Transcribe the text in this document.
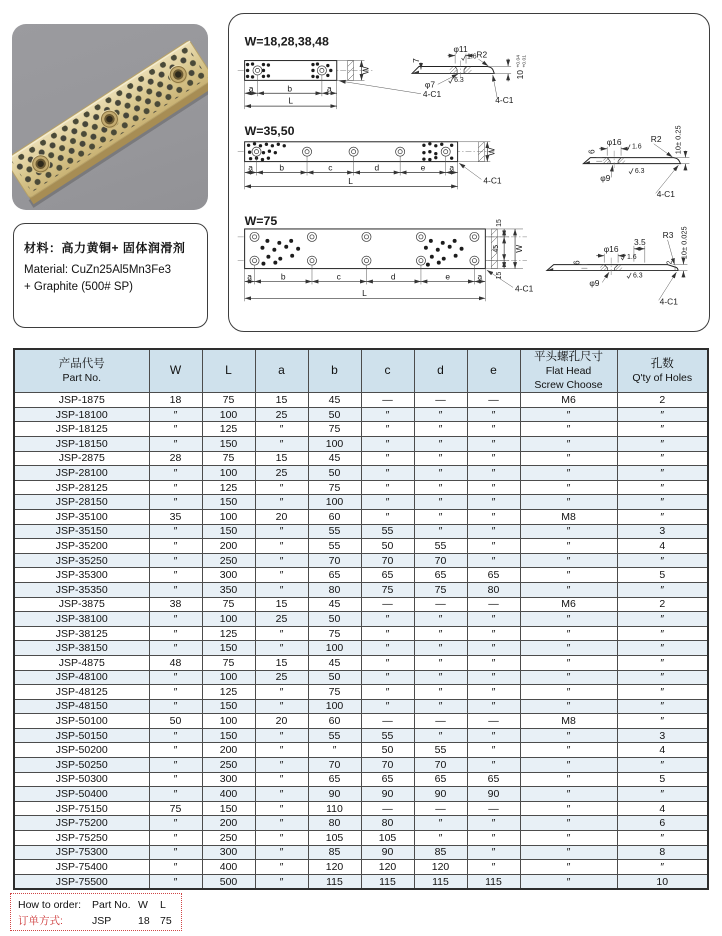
材料：高力黄铜+ 固体润滑剂
Material: CuZn25Al5Mn3Fe3
+ Graphite (500# SP)
W=18,28,38,48
W
a	b	a
L
4-C1
φ11
7	1.6 R2
φ7	6.3
10
+0.04 +0.01
4-C1
W=35,50
W
a	b	c	d	e	a
L	4-C1
φ16
6
1.6
R2
φ9
6.3
10± 0.25
4-C1
W=75	15
45
15
W
a	b	c	d	e	a
L	4-C1
φ16
6
3.5
R3
1.6
φ9
6.3
2
10± 0.025
4-C1
产品代号
Part No.	W	L	a	b	c	d	e	平头螺孔尺寸
Flat Head
Screw Choose	孔数
Q'ty of Holes
JSP-1875	18	75	15	45	—	—	—	M6	2
JSP-18100	″	100	25	50	″	″	″	″	″
JSP-18125	″	125	″	75	″	″	″	″	″
JSP-18150	″	150	″	100	″	″	″	″	″
JSP-2875	28	75	15	45	″	″	″	″	″
JSP-28100	″	100	25	50	″	″	″	″	″
JSP-28125	″	125	″	75	″	″	″	″	″
JSP-28150	″	150	″	100	″	″	″	″	″
JSP-35100	35	100	20	60	″	″	″	M8	″
JSP-35150	″	150	″	55	55	″	″	″	3
JSP-35200	″	200	″	55	50	55	″	″	4
JSP-35250	″	250	″	70	70	70	″	″	″
JSP-35300	″	300	″	65	65	65	65	″	5
JSP-35350	″	350	″	80	75	75	80	″	″
JSP-3875	38	75	15	45	—	—	—	M6	2
JSP-38100	″	100	25	50	″	″	″	″	″
JSP-38125	″	125	″	75	″	″	″	″	″
JSP-38150	″	150	″	100	″	″	″	″	″
JSP-4875	48	75	15	45	″	″	″	″	″
JSP-48100	″	100	25	50	″	″	″	″	″
JSP-48125	″	125	″	75	″	″	″	″	″
JSP-48150	″	150	″	100	″	″	″	″	″
JSP-50100	50	100	20	60	—	—	—	M8	″
JSP-50150	″	150	″	55	55	″	″	″	3
JSP-50200	″	200	″	″	50	55	″	″	4
JSP-50250	″	250	″	70	70	70	″	″	″
JSP-50300	″	300	″	65	65	65	65	″	5
JSP-50400	″	400	″	90	90	90	90	″	″
JSP-75150	75	150	″	110	—	—	—	″	4
JSP-75200	″	200	″	80	80	″	″	″	6
JSP-75250	″	250	″	105	105	″	″	″	″
JSP-75300	″	300	″	85	90	85	″	″	8
JSP-75400	″	400	″	120	120	120	″	″	″
JSP-75500	″	500	″	115	115	115	115	″	10
How to order:	Part No. W	L
订单方式:	JSP	18 75
